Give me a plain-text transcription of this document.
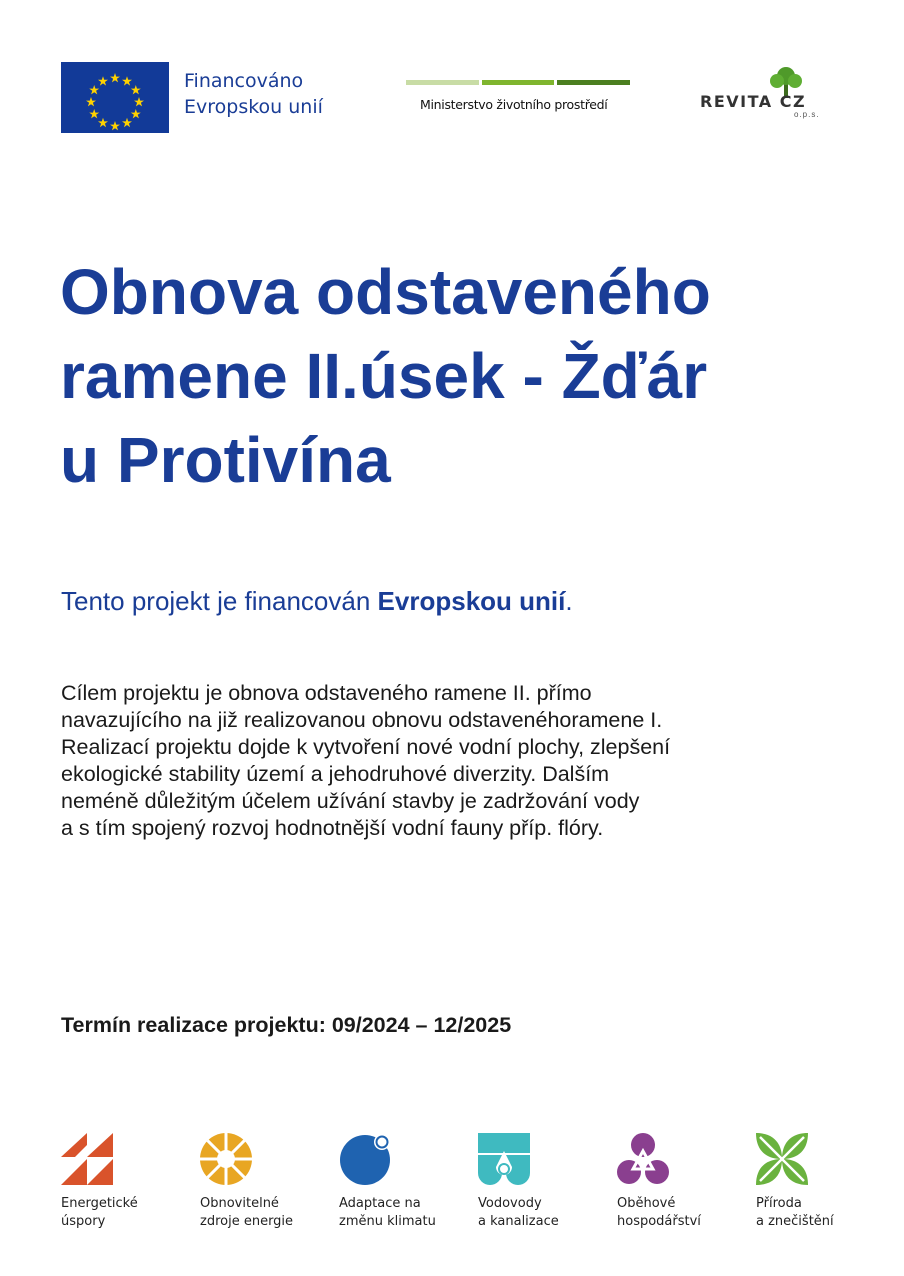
Financováno
Evropskou unií	Ministerstvo životního prostředí	REVITA CZ
o.p.s.
Obnova odstaveného
ramene II.úsek - Žďár
u Protivína
Tento projekt je financován Evropskou unií.
Cílem projektu je obnova odstaveného ramene II. přímo
navazujícího na již realizovanou obnovu odstavenéhoramene I.
Realizací projektu dojde k vytvoření nové vodní plochy, zlepšení
ekologické stability území a jehodruhové diverzity. Dalším
neméně důležitým účelem užívání stavby je zadržování vody
a s tím spojený rozvoj hodnotnější vodní fauny příp. flóry.
Termín realizace projektu: 09/2024 – 12/2025
Energetické
úspory
Obnovitelné
zdroje energie
Adaptace na
změnu klimatu
Vodovody
a kanalizace
Oběhové
hospodářství
Příroda
a znečištění
